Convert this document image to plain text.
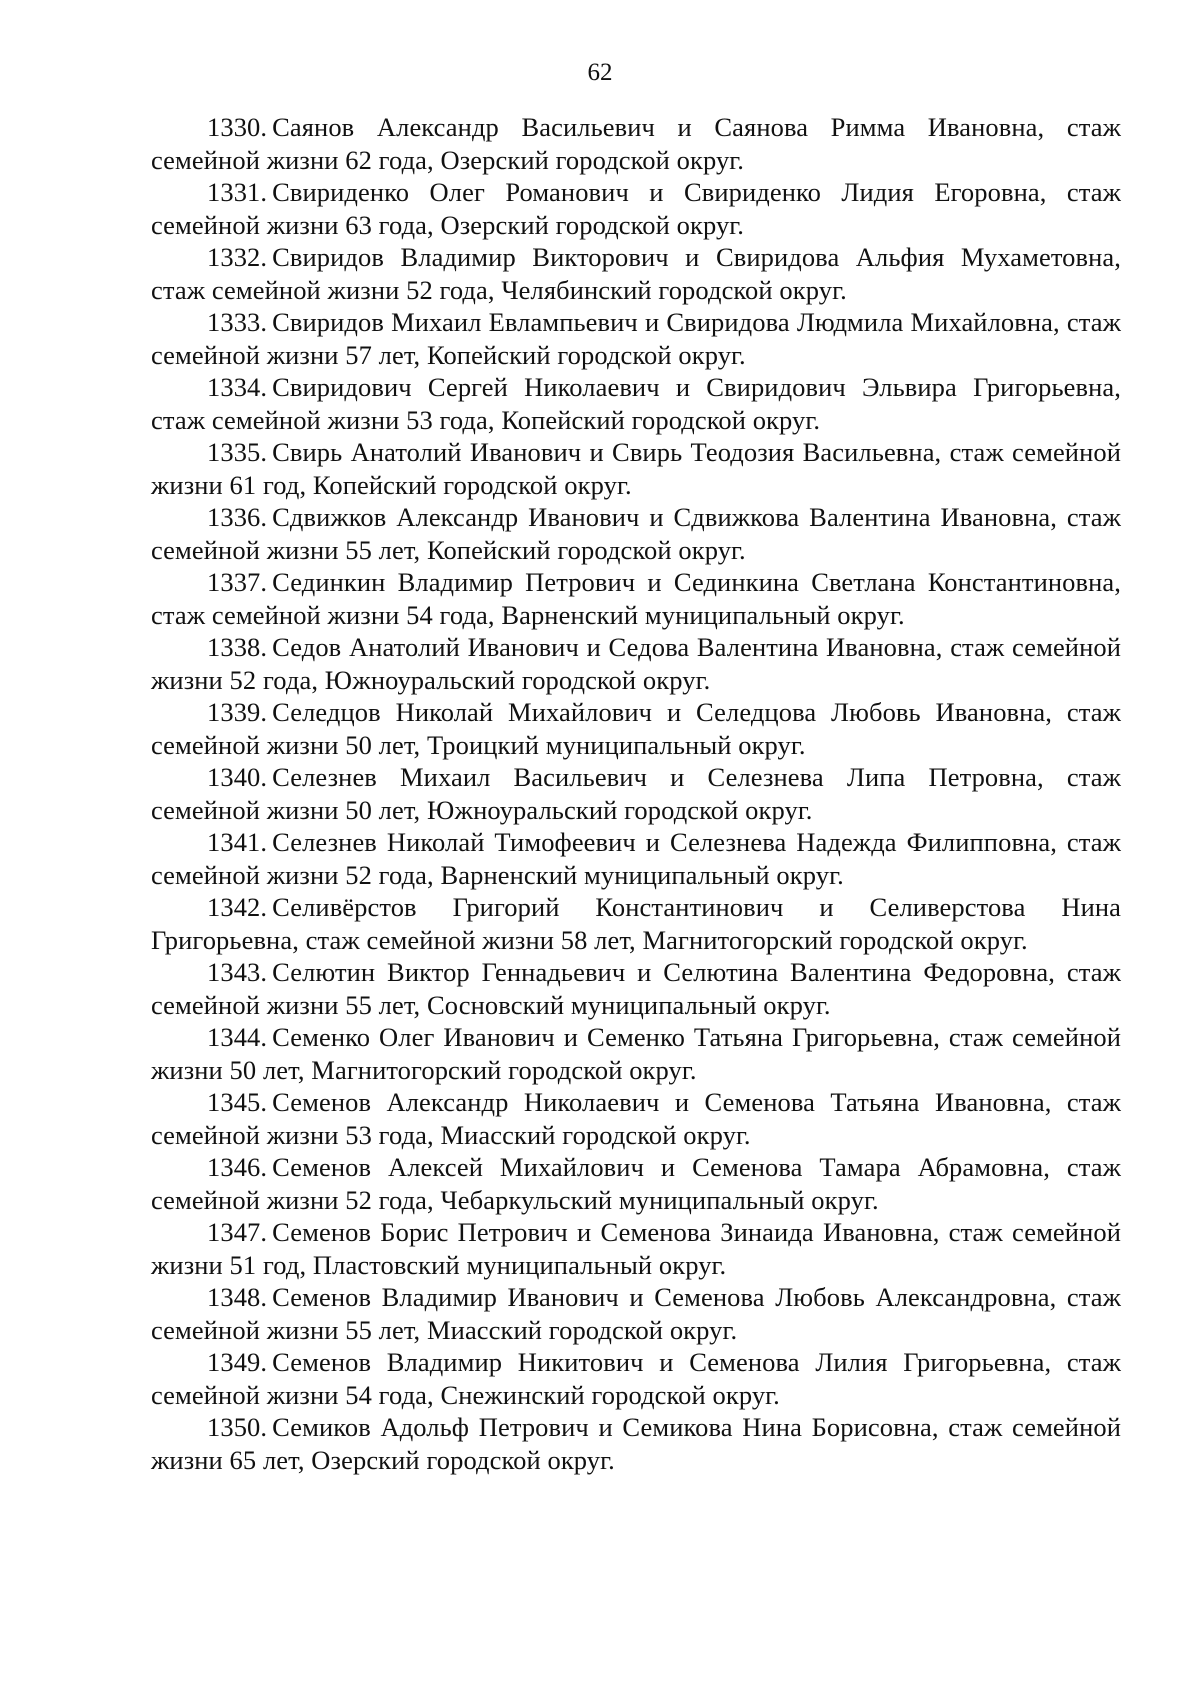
62

1330. Саянов Александр Васильевич и Саянова Римма Ивановна, стаж семейной жизни 62 года, Озерский городской округ.

1331. Свириденко Олег Романович и Свириденко Лидия Егоровна, стаж семейной жизни 63 года, Озерский городской округ.

1332. Свиридов Владимир Викторович и Свиридова Альфия Мухаметовна, стаж семейной жизни 52 года, Челябинский городской округ.

1333. Свиридов Михаил Евлампьевич и Свиридова Людмила Михайловна, стаж семейной жизни 57 лет, Копейский городской округ.

1334. Свиридович Сергей Николаевич и Свиридович Эльвира Григорьевна, стаж семейной жизни 53 года, Копейский городской округ.

1335. Свирь Анатолий Иванович и Свирь Теодозия Васильевна, стаж семейной жизни 61 год, Копейский городской округ.

1336. Сдвижков Александр Иванович и Сдвижкова Валентина Ивановна, стаж семейной жизни 55 лет, Копейский городской округ.

1337. Сединкин Владимир Петрович и Сединкина Светлана Константиновна, стаж семейной жизни 54 года, Варненский муниципальный округ.

1338. Седов Анатолий Иванович и Седова Валентина Ивановна, стаж семейной жизни 52 года, Южноуральский городской округ.

1339. Селедцов Николай Михайлович и Селедцова Любовь Ивановна, стаж семейной жизни 50 лет, Троицкий муниципальный округ.

1340. Селезнев Михаил Васильевич и Селезнева Липа Петровна, стаж семейной жизни 50 лет, Южноуральский городской округ.

1341. Селезнев Николай Тимофеевич и Селезнева Надежда Филипповна, стаж семейной жизни 52 года, Варненский муниципальный округ.

1342. Селивёрстов Григорий Константинович и Селиверстова Нина Григорьевна, стаж семейной жизни 58 лет, Магнитогорский городской округ.

1343. Селютин Виктор Геннадьевич и Селютина Валентина Федоровна, стаж семейной жизни 55 лет, Сосновский муниципальный округ.

1344. Семенко Олег Иванович и Семенко Татьяна Григорьевна, стаж семейной жизни 50 лет, Магнитогорский городской округ.

1345. Семенов Александр Николаевич и Семенова Татьяна Ивановна, стаж семейной жизни 53 года, Миасский городской округ.

1346. Семенов Алексей Михайлович и Семенова Тамара Абрамовна, стаж семейной жизни 52 года, Чебаркульский муниципальный округ.

1347. Семенов Борис Петрович и Семенова Зинаида Ивановна, стаж семейной жизни 51 год, Пластовский муниципальный округ.

1348. Семенов Владимир Иванович и Семенова Любовь Александровна, стаж семейной жизни 55 лет, Миасский городской округ.

1349. Семенов Владимир Никитович и Семенова Лилия Григорьевна, стаж семейной жизни 54 года, Снежинский городской округ.

1350. Семиков Адольф Петрович и Семикова Нина Борисовна, стаж семейной жизни 65 лет, Озерский городской округ.
